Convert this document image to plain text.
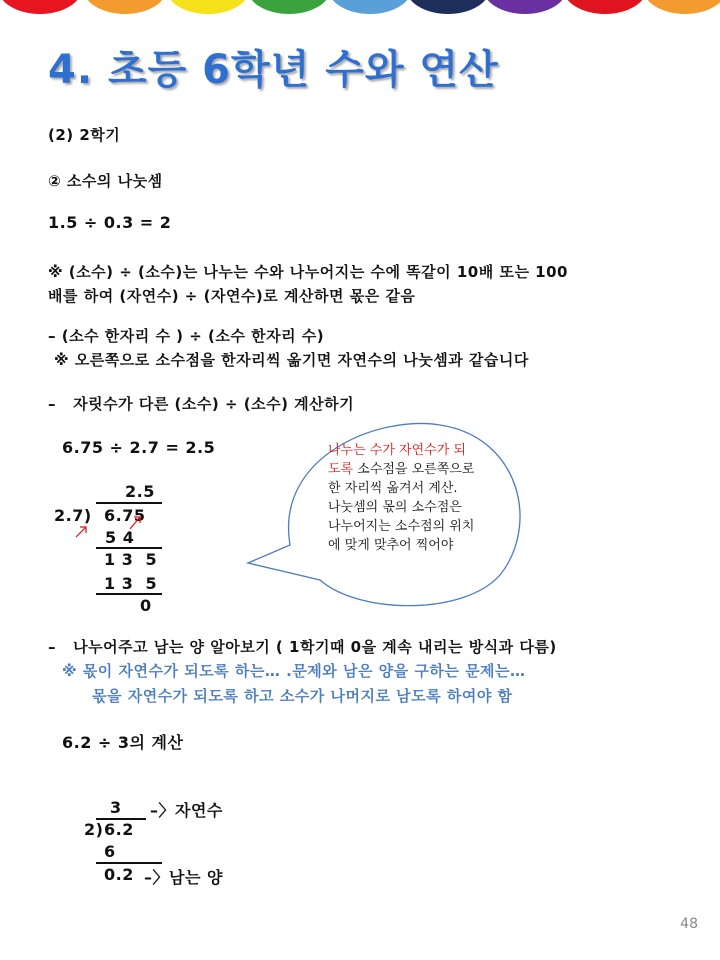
4. 초등 6학년 수와 연산
(2) 2학기
② 소수의 나눗셈
1.5 ÷ 0.3 = 2
※ (소수) ÷ (소수)는 나누는 수와 나누어지는 수에 똑같이 10배 또는 100
배를 하여 (자연수) ÷ (자연수)로 계산하면 몫은 같음
– (소수 한자리 수 ) ÷ (소수 한자리 수)
※ 오른쪽으로 소수점을 한자리씩 옮기면 자연수의 나눗셈과 같습니다
–   자릿수가 다른 (소수) ÷ (소수) 계산하기
6.75 ÷ 2.7 = 2.5
2.5
2.7) 6.75
5 4
1 3  5
1 3  5
0
나누는 수가 자연수가 되도록 소수점을 오른쪽으로 한 자리씩 옮겨서 계산.
나눗셈의 몫의 소수점은 나누어지는 소수점의 위치에 맞게 맞추어 찍어야
–   나누어주고 남는 양 알아보기 ( 1학기때 0을 계속 내리는 방식과 다름)
※ 몫이 자연수가 되도록 하는… .문제와 남은 양을 구하는 문제는…
몫을 자연수가 되도록 하고 소수가 나머지로 남도록 하여야 함
6.2 ÷ 3의 계산
3 –〉자연수
2) 6.2
6
0.2 –〉남는 양
48
